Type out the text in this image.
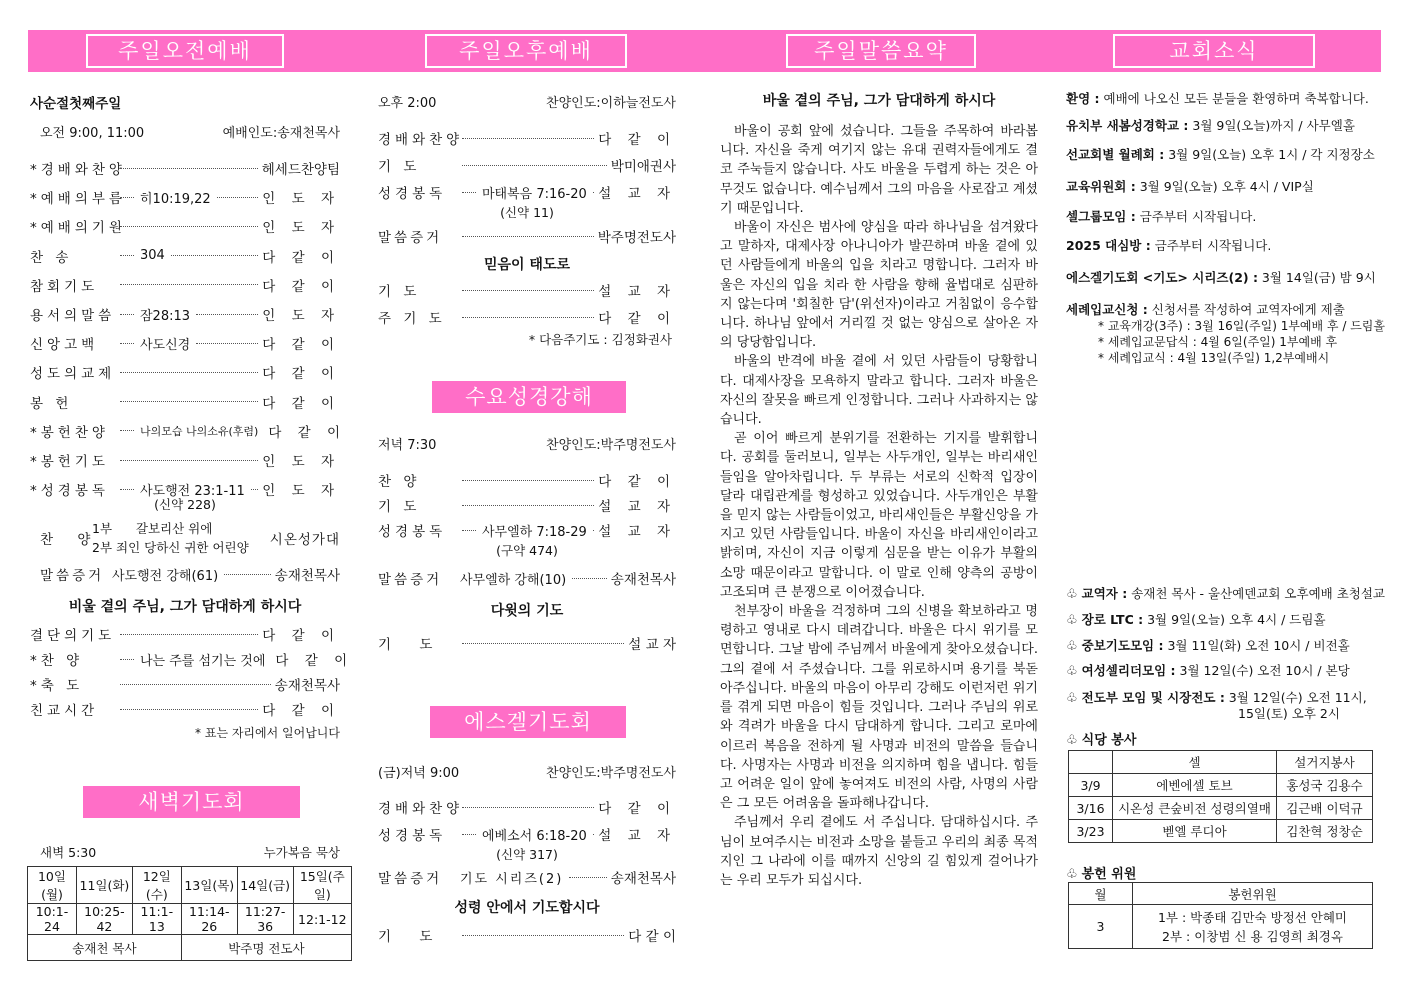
주일오전예배	주일오후예배	주일말씀요약	교회소식
사순절첫째주일
오전 9:00, 11:00	예배인도:송재천목사
*경배와찬양	헤세드찬양팀
*예배의부름 히10:19,22	인 도 자
*예배의기원	인 도 자
찬 송	304	다 같 이
참회기도	다 같 이
용서의말씀 잠28:13	인 도 자
신앙고백	사도신경	다 같 이
성도의교제	다 같 이
봉 헌	다 같 이
*봉헌찬양	나의모습 나의소유(후렴) 다 같 이
*봉헌기도	인 도 자
*성경봉독	사도행전 23:1-11 인 도 자
(신약 228)
찬 양
1부 갈보리산 위에
2부 죄인 당하신 귀한 어린양	시온성가대
말씀증거 사도행전 강해(61)	송재천목사
비울 곁의 주님, 그가 담대하게 하시다
결단의기도	다 같 이
*찬 양	나는 주를 섬기는 것에 다 같 이
*축 도	송재천목사
친교시간	다 같 이
* 표는 자리에서 일어납니다
새벽기도회
새벽 5:30	누가복음 묵상
10일(월)	11일(화)	12일(수)	13일(목)	14일(금)	15일(주일)
10:1-24	10:25-42	11:1-13	11:14-26	11:27-36	12:1-12
송재천 목사			박주명 전도사		
오후 2:00	찬양인도:이하늘전도사
경배와찬양	다 같 이
기 도	박미애권사
성경봉독	마태복음 7:16-20 설 교 자
(신약 11)
말씀증거	박주명전도사
믿음이 태도로
기 도	설 교 자
주 기 도	다 같 이
* 다음주기도 : 김정화권사
수요성경강해
저녁 7:30	찬양인도:박주명전도사
찬 양	다 같 이
기 도	설 교 자
성경봉독	사무엘하 7:18-29 설 교 자
(구약 474)
말씀증거	사무엘하 강해(10)	송재천목사
다윗의 기도
기 도	설 교 자
에스겔기도회
(금)저녁 9:00	찬양인도:박주명전도사
경배와찬양	다 같 이
성경봉독	에베소서 6:18-20 설 교 자
(신약 317)
말씀증거	기도 시리즈(2)	송재천목사
성령 안에서 기도합시다
기 도	다 같 이
바울 곁의 주님, 그가 담대하게 하시다

바울이 공회 앞에 섰습니다. 그들을 주목하여 바라봅니다. 자신을 죽게 여기지 않는 유대 권력자들에게도 결코 주눅들지 않습니다. 사도 바울을 두렵게 하는 것은 아무것도 없습니다. 예수님께서 그의 마음을 사로잡고 계셨기 때문입니다.

바울이 자신은 범사에 양심을 따라 하나님을 섬겨왔다고 말하자, 대제사장 아나니아가 발끈하며 바울 곁에 있던 사람들에게 바울의 입을 치라고 명합니다. 그러자 바울은 자신의 입을 치라 한 사람을 향해 율법대로 심판하지 않는다며 '회칠한 담'(위선자)이라고 거침없이 응수합니다. 하나님 앞에서 거리낄 것 없는 양심으로 살아온 자의 당당함입니다.

바울의 반격에 바울 곁에 서 있던 사람들이 당황합니다. 대제사장을 모욕하지 말라고 합니다. 그러자 바울은 자신의 잘못을 빠르게 인정합니다. 그러나 사과하지는 않습니다.

곧 이어 빠르게 분위기를 전환하는 기지를 발휘합니다. 공회를 둘러보니, 일부는 사두개인, 일부는 바리새인들임을 알아차립니다. 두 부류는 서로의 신학적 입장이 달라 대립관계를 형성하고 있었습니다. 사두개인은 부활을 믿지 않는 사람들이었고, 바리새인들은 부활신앙을 가지고 있던 사람들입니다. 바울이 자신을 바리새인이라고 밝히며, 자신이 지금 이렇게 심문을 받는 이유가 부활의 소망 때문이라고 말합니다. 이 말로 인해 양측의 공방이 고조되며 큰 분쟁으로 이어졌습니다.

천부장이 바울을 걱정하며 그의 신병을 확보하라고 명령하고 영내로 다시 데려갑니다. 바울은 다시 위기를 모면합니다. 그날 밤에 주님께서 바울에게 찾아오셨습니다. 그의 곁에 서 주셨습니다. 그를 위로하시며 용기를 북돋아주십니다. 바울의 마음이 아무리 강해도 이런저런 위기를 겪게 되면 마음이 힘들 것입니다. 그러나 주님의 위로와 격려가 바울을 다시 담대하게 합니다. 그리고 로마에 이르러 복음을 전하게 될 사명과 비전의 말씀을 들습니다. 사명자는 사명과 비전을 의지하며 힘을 냅니다. 힘들고 어려운 일이 앞에 놓여져도 비전의 사람, 사명의 사람은 그 모든 어려움을 돌파해나갑니다.

주님께서 우리 곁에도 서 주십니다. 담대하십시다. 주님이 보여주시는 비전과 소망을 붙들고 우리의 최종 목적지인 그 나라에 이를 때까지 신앙의 길 힘있게 걸어나가는 우리 모두가 되십시다.

환영 : 예배에 나오신 모든 분들을 환영하며 축복합니다.
유치부 새봄성경학교 : 3월 9일(오늘)까지 / 사무엘홀
선교회별 월례회 : 3월 9일(오늘) 오후 1시 / 각 지정장소
교육위원회 : 3월 9일(오늘) 오후 4시 / VIP실
셀그룹모임 : 금주부터 시작됩니다.
2025 대심방 : 금주부터 시작됩니다.
에스겔기도회 <기도> 시리즈(2) : 3월 14일(금) 밤 9시
세례입교신청 : 신청서를 작성하여 교역자에게 제출
* 교육개강(3주) : 3월 16일(주일) 1부예배 후 / 드림홀
* 세례입교문답식 : 4월 6일(주일) 1부예배 후
* 세례입교식 : 4월 13일(주일) 1,2부예배시
♧ 교역자 : 송재천 목사 - 울산예덴교회 오후예배 초청설교
♧ 장로 LTC : 3월 9일(오늘) 오후 4시 / 드림홀
♧ 중보기도모임 : 3월 11일(화) 오전 10시 / 비전홀
♧ 여성셀리더모임 : 3월 12일(수) 오전 10시 / 본당
♧ 전도부 모임 및 시장전도 : 3월 12일(수) 오전 11시,
15일(토) 오후 2시
♧ 식당 봉사
	셀	설거지봉사
3/9	에벤에셀 토브	홍성국 김용수
3/16	시온성 큰숲비전 성령의열매	김근배 이덕규
3/23	벧엘 루디아	김찬혁 정창순
♧ 봉헌 위원
월	봉헌위원
3	1부 : 박종태 김만숙 방정선 안혜미
2부 : 이창범 신 용 김영희 최경옥
